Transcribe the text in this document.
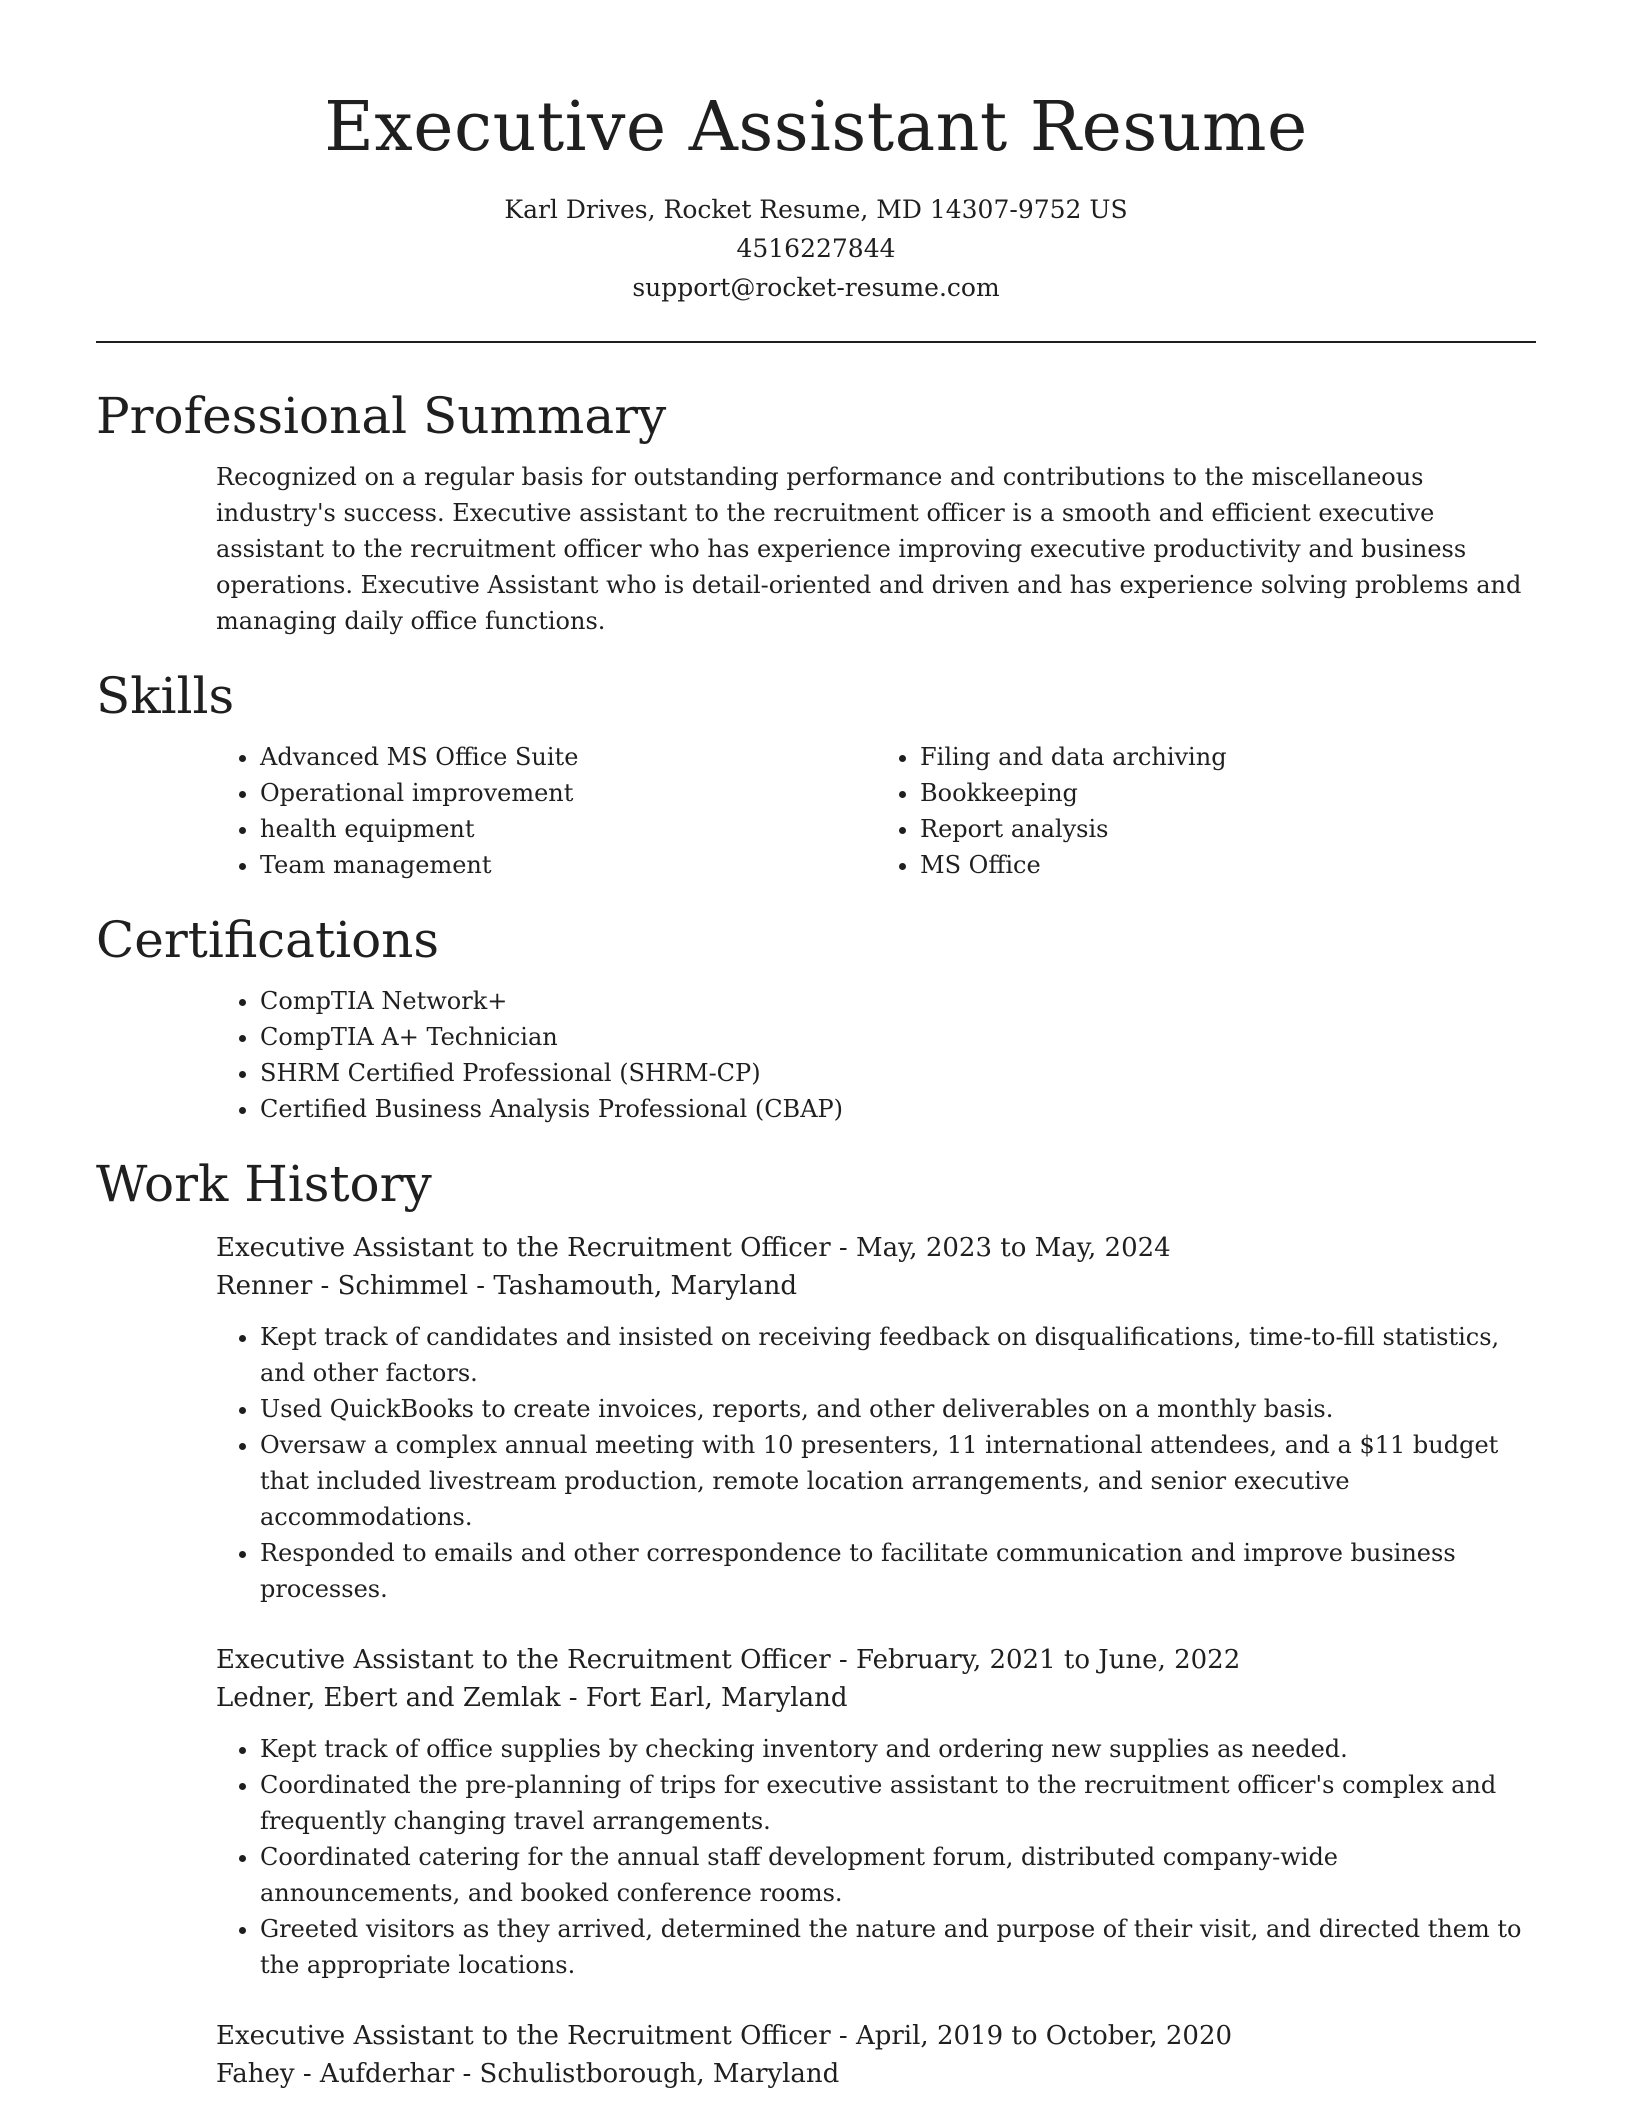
Executive Assistant Resume
Karl Drives, Rocket Resume, MD 14307-9752 US
4516227844
support@rocket-resume.com
Professional Summary

Recognized on a regular basis for outstanding performance and contributions to the miscellaneous industry's success. Executive assistant to the recruitment officer is a smooth and efficient executive assistant to the recruitment officer who has experience improving executive productivity and business operations. Executive Assistant who is detail-oriented and driven and has experience solving problems and managing daily office functions.

Skills
• Advanced MS Office Suite
• Operational improvement
• health equipment
• Team management
• Filing and data archiving
• Bookkeeping
• Report analysis
• MS Office
Certifications
• CompTIA Network+
• CompTIA A+ Technician
• SHRM Certified Professional (SHRM-CP)
• Certified Business Analysis Professional (CBAP)
Work History
Executive Assistant to the Recruitment Officer - May, 2023 to May, 2024
Renner - Schimmel - Tashamouth, Maryland
• Kept track of candidates and insisted on receiving feedback on disqualifications, time-to-fill statistics, and other factors.
• Used QuickBooks to create invoices, reports, and other deliverables on a monthly basis.
• Oversaw a complex annual meeting with 10 presenters, 11 international attendees, and a $11 budget that included livestream production, remote location arrangements, and senior executive accommodations.
• Responded to emails and other correspondence to facilitate communication and improve business processes.
Executive Assistant to the Recruitment Officer - February, 2021 to June, 2022
Ledner, Ebert and Zemlak - Fort Earl, Maryland
• Kept track of office supplies by checking inventory and ordering new supplies as needed.
• Coordinated the pre-planning of trips for executive assistant to the recruitment officer's complex and frequently changing travel arrangements.
• Coordinated catering for the annual staff development forum, distributed company-wide announcements, and booked conference rooms.
• Greeted visitors as they arrived, determined the nature and purpose of their visit, and directed them to the appropriate locations.
Executive Assistant to the Recruitment Officer - April, 2019 to October, 2020
Fahey - Aufderhar - Schulistborough, Maryland
